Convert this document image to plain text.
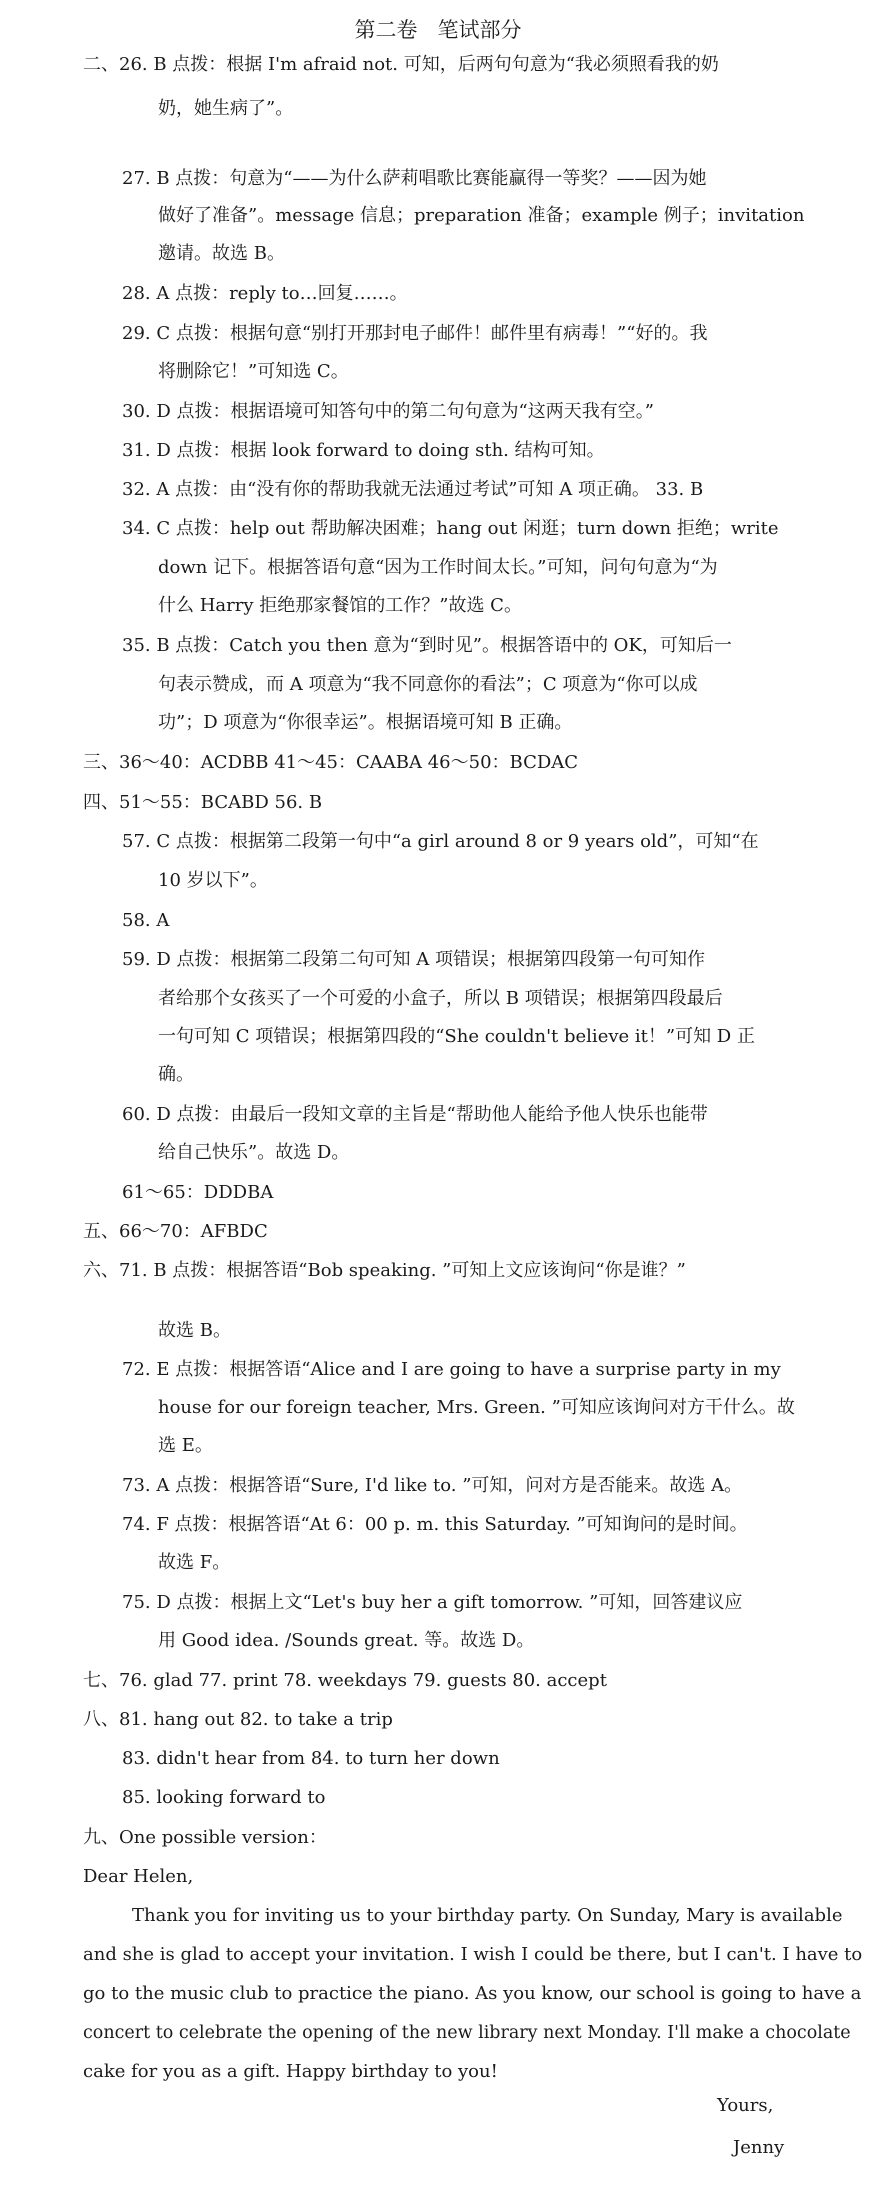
第二卷   笔试部分
二、26. B 点拨：根据 I'm afraid not. 可知，后两句句意为“我必须照看我的奶
奶，她生病了”。
27. B 点拨：句意为“——为什么萨莉唱歌比赛能赢得一等奖？——因为她
做好了准备”。message 信息；preparation 准备；example 例子；invitation
邀请。故选 B。
28. A 点拨：reply to…回复……。
29. C 点拨：根据句意“别打开那封电子邮件！邮件里有病毒！”“好的。我
将删除它！”可知选 C。
30. D 点拨：根据语境可知答句中的第二句句意为“这两天我有空。”
31. D 点拨：根据 look forward to doing sth. 结构可知。
32. A 点拨：由“没有你的帮助我就无法通过考试”可知 A 项正确。 33. B
34. C 点拨：help out 帮助解决困难；hang out 闲逛；turn down 拒绝；write
down 记下。根据答语句意“因为工作时间太长。”可知，问句句意为“为
什么 Harry 拒绝那家餐馆的工作？”故选 C。
35. B 点拨：Catch you then 意为“到时见”。根据答语中的 OK，可知后一
句表示赞成，而 A 项意为“我不同意你的看法”；C 项意为“你可以成
功”；D 项意为“你很幸运”。根据语境可知 B 正确。
三、36～40：ACDBB 41～45：CAABA 46～50：BCDAC
四、51～55：BCABD 56. B
57. C 点拨：根据第二段第一句中“a girl around 8 or 9 years old”，可知“在
10 岁以下”。
58. A
59. D 点拨：根据第二段第二句可知 A 项错误；根据第四段第一句可知作
者给那个女孩买了一个可爱的小盒子，所以 B 项错误；根据第四段最后
一句可知 C 项错误；根据第四段的“She couldn't believe it！”可知 D 正
确。
60. D 点拨：由最后一段知文章的主旨是“帮助他人能给予他人快乐也能带
给自己快乐”。故选 D。
61～65：DDDBA
五、66～70：AFBDC
六、71. B 点拨：根据答语“Bob speaking. ”可知上文应该询问“你是谁？”
故选 B。
72. E 点拨：根据答语“Alice and I are going to have a surprise party in my
house for our foreign teacher, Mrs. Green. ”可知应该询问对方干什么。故
选 E。
73. A 点拨：根据答语“Sure, I'd like to. ”可知，问对方是否能来。故选 A。
74. F 点拨：根据答语“At 6：00 p. m. this Saturday. ”可知询问的是时间。
故选 F。
75. D 点拨：根据上文“Let's buy her a gift tomorrow. ”可知，回答建议应
用 Good idea. /Sounds great. 等。故选 D。
七、76. glad 77. print 78. weekdays 79. guests 80. accept
八、81. hang out 82. to take a trip
83. didn't hear from 84. to turn her down
85. looking forward to
九、One possible version：
Dear Helen,
Thank you for inviting us to your birthday party. On Sunday, Mary is available
and she is glad to accept your invitation. I wish I could be there, but I can't. I have to
go to the music club to practice the piano. As you know, our school is going to have a
concert to celebrate the opening of the new library next Monday. I'll make a chocolate
cake for you as a gift. Happy birthday to you!
Yours,
Jenny
